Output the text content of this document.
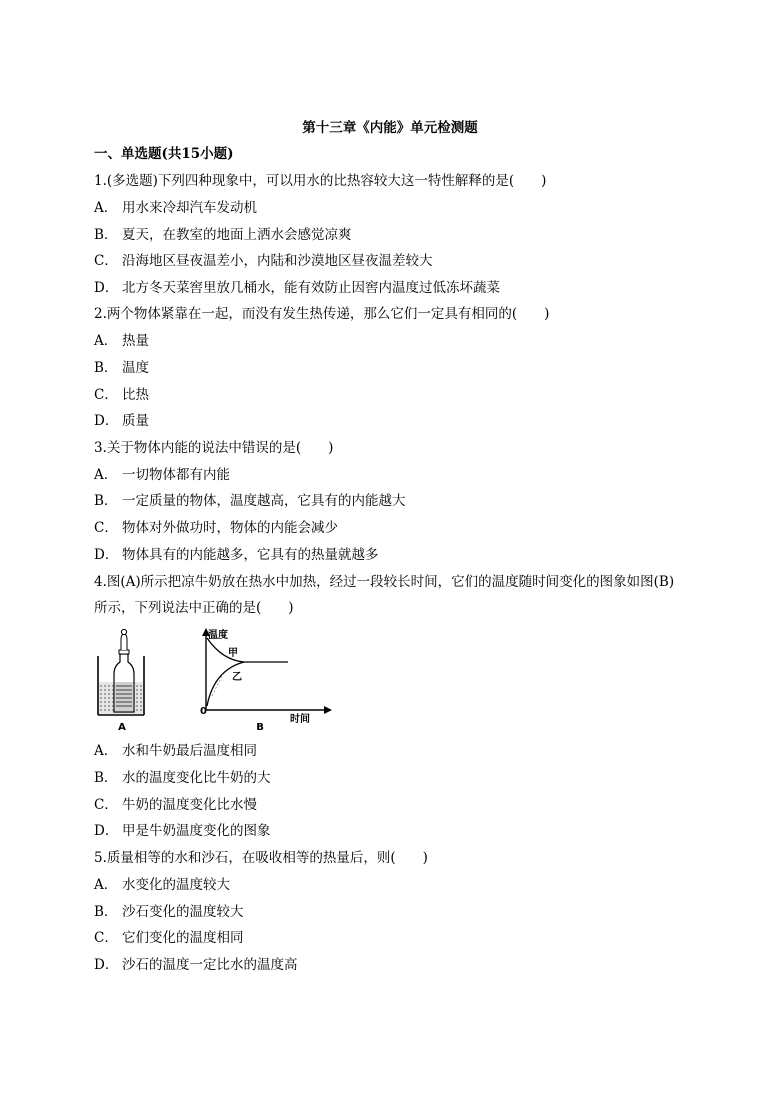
第十三章《内能》单元检测题
一、单选题(共15小题)
1.(多选题)下列四种现象中，可以用水的比热容较大这一特性解释的是(　　)
A． 用水来冷却汽车发动机
B． 夏天，在教室的地面上洒水会感觉凉爽
C． 沿海地区昼夜温差小，内陆和沙漠地区昼夜温差较大
D． 北方冬天菜窖里放几桶水，能有效防止因窖内温度过低冻坏蔬菜
2.两个物体紧靠在一起，而没有发生热传递，那么它们一定具有相同的(　　)
A． 热量
B． 温度
C． 比热
D． 质量
3.关于物体内能的说法中错误的是(　　)
A． 一切物体都有内能
B． 一定质量的物体，温度越高，它具有的内能越大
C． 物体对外做功时，物体的内能会减少
D． 物体具有的内能越多，它具有的热量就越多
4.图(A)所示把凉牛奶放在热水中加热，经过一段较长时间，它们的温度随时间变化的图象如图(B)
所示，下列说法中正确的是(　　)
A
温度
甲
乙
0
B
时间
A． 水和牛奶最后温度相同
B． 水的温度变化比牛奶的大
C． 牛奶的温度变化比水慢
D． 甲是牛奶温度变化的图象
5.质量相等的水和沙石，在吸收相等的热量后，则(　　)
A． 水变化的温度较大
B． 沙石变化的温度较大
C． 它们变化的温度相同
D． 沙石的温度一定比水的温度高
